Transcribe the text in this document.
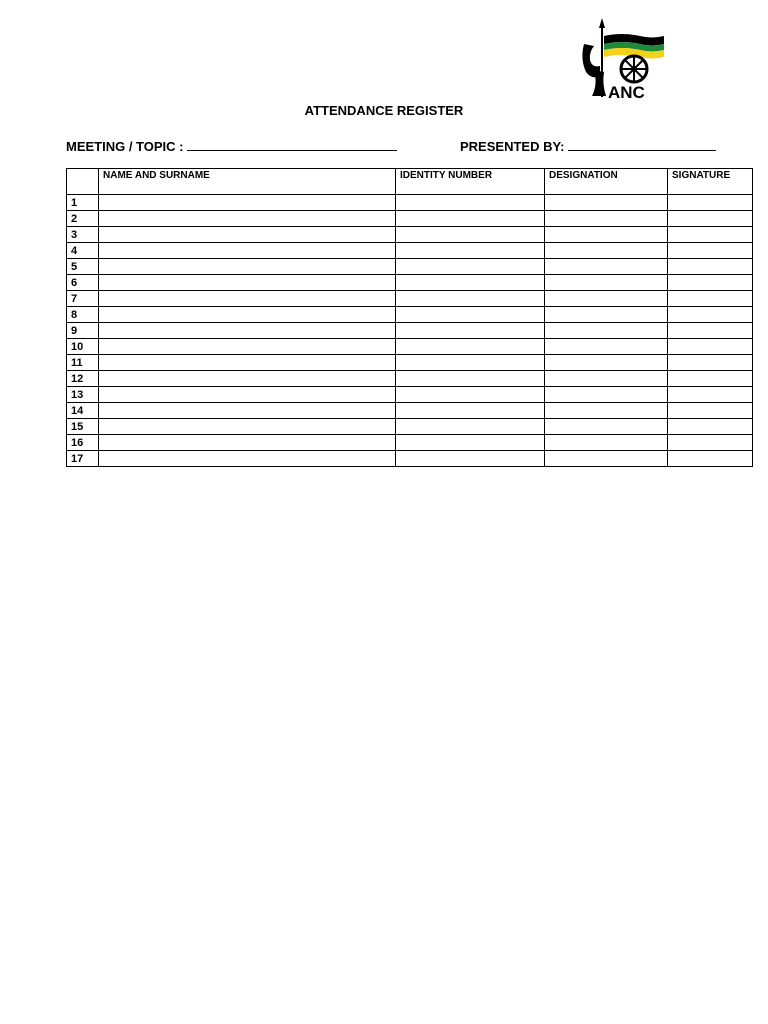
ANC
ATTENDANCE REGISTER
MEETING / TOPIC :	PRESENTED BY:
	NAME AND SURNAME	IDENTITY NUMBER	DESIGNATION	SIGNATURE
1				
2				
3				
4				
5				
6				
7				
8				
9				
10				
11				
12				
13				
14				
15				
16				
17				
